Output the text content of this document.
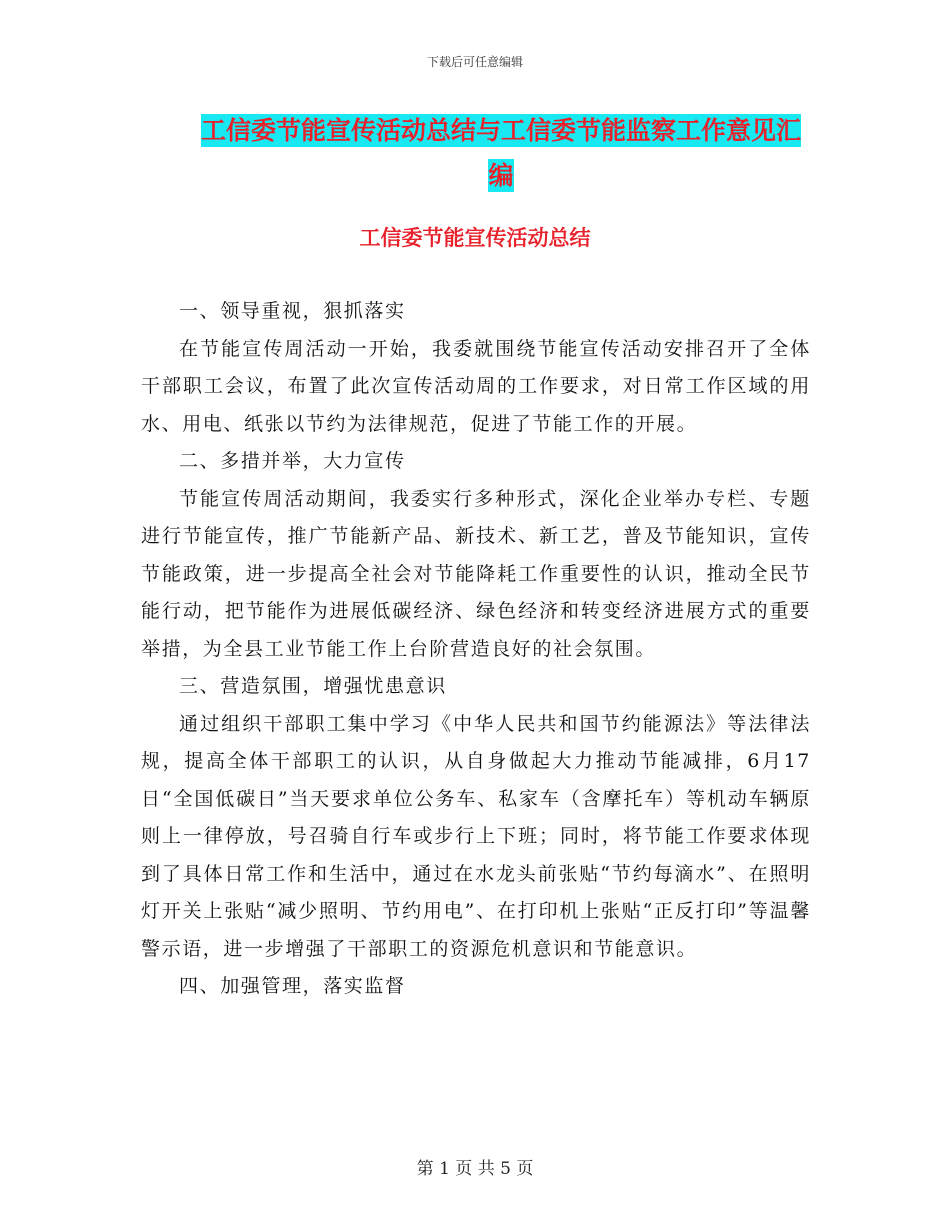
下载后可任意编辑
工信委节能宣传活动总结与工信委节能监察工作意见汇编
工信委节能宣传活动总结

一、领导重视，狠抓落实

在节能宣传周活动一开始，我委就围绕节能宣传活动安排召开了全体干部职工会议，布置了此次宣传活动周的工作要求，对日常工作区域的用水、用电、纸张以节约为法律规范，促进了节能工作的开展。

二、多措并举，大力宣传

节能宣传周活动期间，我委实行多种形式，深化企业举办专栏、专题进行节能宣传，推广节能新产品、新技术、新工艺，普及节能知识，宣传节能政策，进一步提高全社会对节能降耗工作重要性的认识，推动全民节能行动，把节能作为进展低碳经济、绿色经济和转变经济进展方式的重要举措，为全县工业节能工作上台阶营造良好的社会氛围。

三、营造氛围，增强忧患意识

通过组织干部职工集中学习《中华人民共和国节约能源法》等法律法规，提高全体干部职工的认识，从自身做起大力推动节能减排，6月17日“全国低碳日”当天要求单位公务车、私家车（含摩托车）等机动车辆原则上一律停放，号召骑自行车或步行上下班；同时，将节能工作要求体现到了具体日常工作和生活中，通过在水龙头前张贴“节约每滴水”、在照明灯开关上张贴“减少照明、节约用电”、在打印机上张贴“正反打印”等温馨警示语，进一步增强了干部职工的资源危机意识和节能意识。

四、加强管理，落实监督

第 1 页 共 5 页
